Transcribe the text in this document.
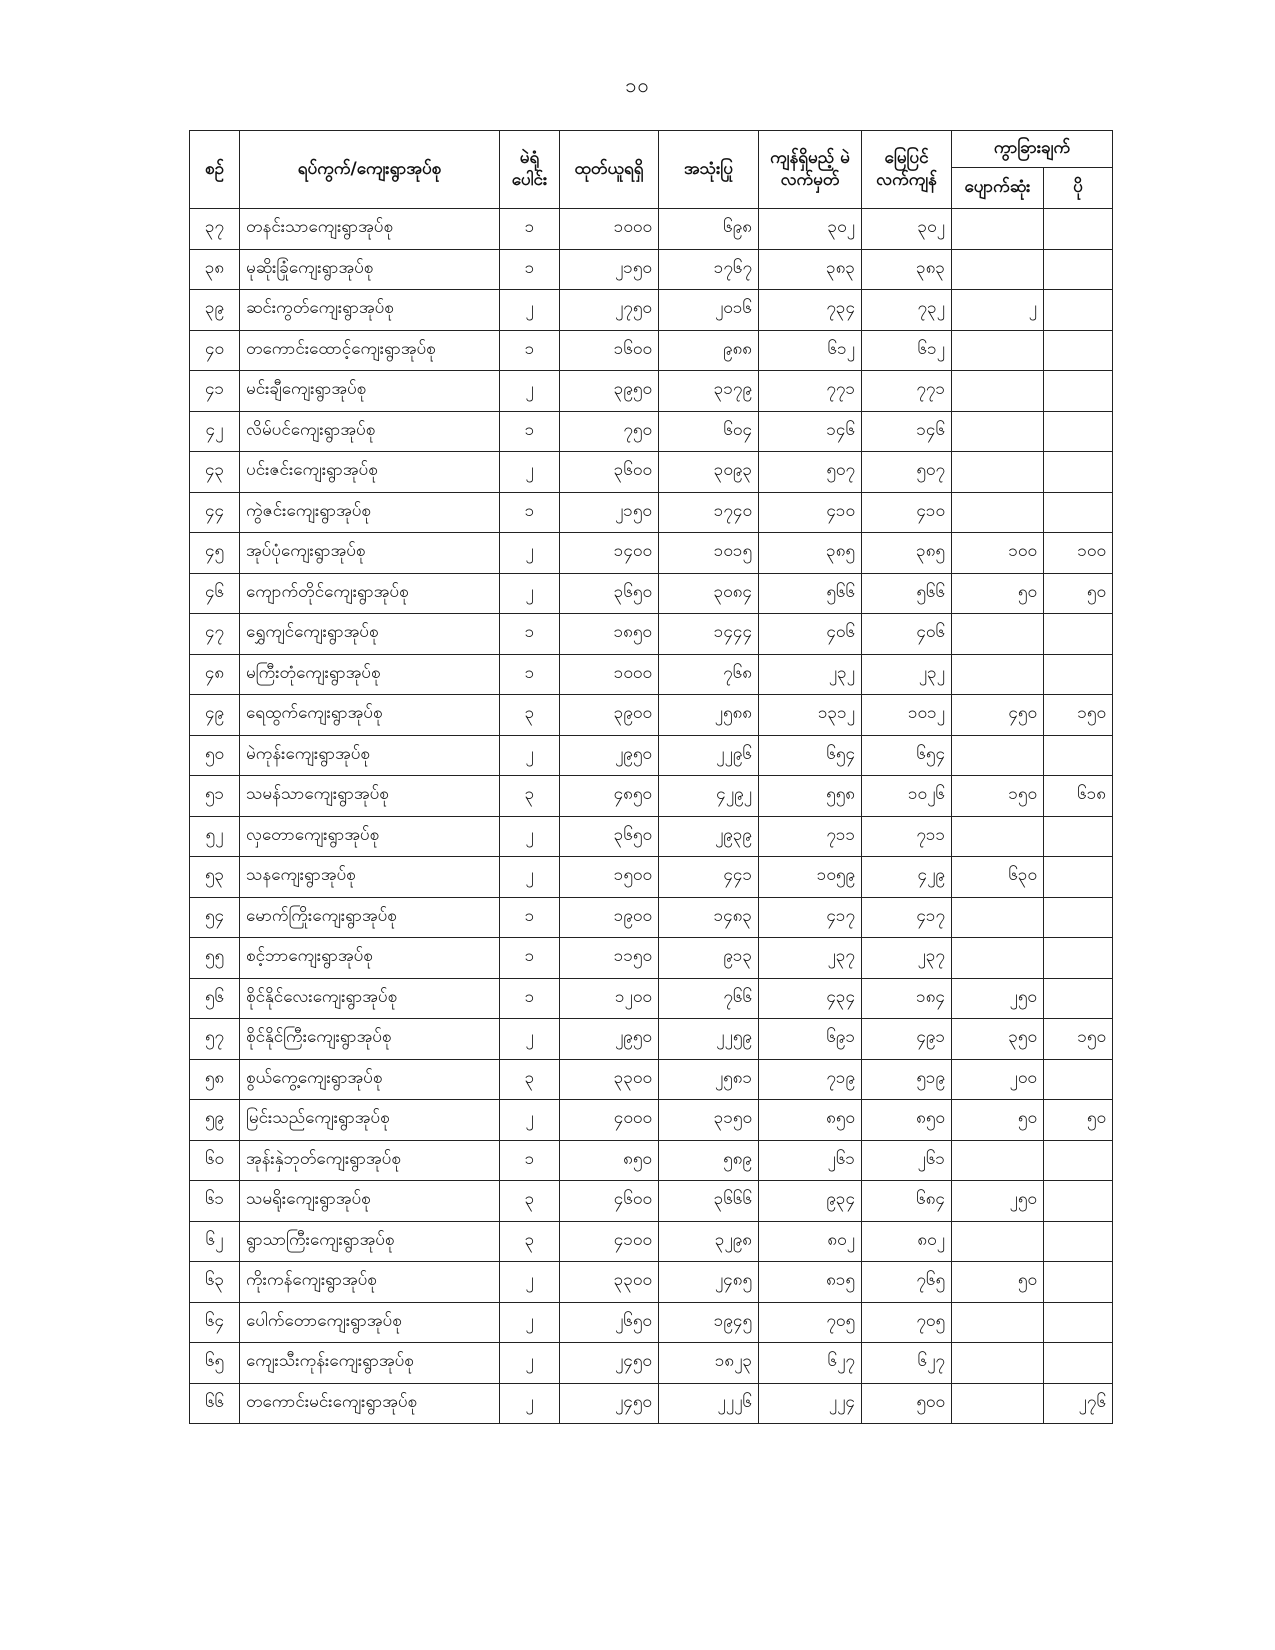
၁၀
စဉ်	ရပ်ကွက်/ကျေးရွာအုပ်စု	မဲရုံ ပေါင်း	ထုတ်ယူရရှိ	အသုံးပြု	ကျန်ရှိမည့် မဲလက်မှတ်	မြေပြင် လက်ကျန်	ကွာခြားချက်	
							ပျောက်ဆုံး	ပို
၃၇	တနင်းသာကျေးရွာအုပ်စု	၁	၁၀၀၀	၆၉၈	၃၀၂	၃၀၂		
၃၈	မုဆိုးခြုံကျေးရွာအုပ်စု	၁	၂၁၅၀	၁၇၆၇	၃၈၃	၃၈၃		
၃၉	ဆင်းကွတ်ကျေးရွာအုပ်စု	၂	၂၇၅၀	၂၀၁၆	၇၃၄	၇၃၂	၂	
၄၀	တကောင်းထောင့်ကျေးရွာအုပ်စု	၁	၁၆၀၀	၉၈၈	၆၁၂	၆၁၂		
၄၁	မင်းချီကျေးရွာအုပ်စု	၂	၃၉၅၀	၃၁၇၉	၇၇၁	၇၇၁		
၄၂	လိမ်ပင်ကျေးရွာအုပ်စု	၁	၇၅၀	၆၀၄	၁၄၆	၁၄၆		
၄၃	ပင်းဇင်းကျေးရွာအုပ်စု	၂	၃၆၀၀	၃၀၉၃	၅၀၇	၅၀၇		
၄၄	ကွဲဇင်းကျေးရွာအုပ်စု	၁	၂၁၅၀	၁၇၄၀	၄၁၀	၄၁၀		
၄၅	အုပ်ပုံကျေးရွာအုပ်စု	၂	၁၄၀၀	၁၀၁၅	၃၈၅	၃၈၅	၁၀၀	၁၀၀
၄၆	ကျောက်တိုင်ကျေးရွာအုပ်စု	၂	၃၆၅၀	၃၀၈၄	၅၆၆	၅၆၆	၅၀	၅၀
၄၇	ရွှေကျင်ကျေးရွာအုပ်စု	၁	၁၈၅၀	၁၄၄၄	၄၀၆	၄၀၆		
၄၈	မကြီးတုံကျေးရွာအုပ်စု	၁	၁၀၀၀	၇၆၈	၂၃၂	၂၃၂		
၄၉	ရေထွက်ကျေးရွာအုပ်စု	၃	၃၉၀၀	၂၅၈၈	၁၃၁၂	၁၀၁၂	၄၅၀	၁၅၀
၅၀	မဲကုန်းကျေးရွာအုပ်စု	၂	၂၉၅၀	၂၂၉၆	၆၅၄	၆၅၄		
၅၁	သမန်သာကျေးရွာအုပ်စု	၃	၄၈၅၀	၄၂၉၂	၅၅၈	၁၀၂၆	၁၅၀	၆၁၈
၅၂	လှတောကျေးရွာအုပ်စု	၂	၃၆၅၀	၂၉၃၉	၇၁၁	၇၁၁		
၅၃	သနကျေးရွာအုပ်စု	၂	၁၅၀၀	၄၄၁	၁၀၅၉	၄၂၉	၆၃၀	
၅၄	မောက်ကြိုးကျေးရွာအုပ်စု	၁	၁၉၀၀	၁၄၈၃	၄၁၇	၄၁၇		
၅၅	စင့်ဘာကျေးရွာအုပ်စု	၁	၁၁၅၀	၉၁၃	၂၃၇	၂၃၇		
၅၆	စိုင်နိုင်လေးကျေးရွာအုပ်စု	၁	၁၂၀၀	၇၆၆	၄၃၄	၁၈၄	၂၅၀	
၅၇	စိုင်နိုင်ကြီးကျေးရွာအုပ်စု	၂	၂၉၅၀	၂၂၅၉	၆၉၁	၄၉၁	၃၅၀	၁၅၀
၅၈	စွယ်ကွေ့ကျေးရွာအုပ်စု	၃	၃၃၀၀	၂၅၈၁	၇၁၉	၅၁၉	၂၀၀	
၅၉	မြင်းသည်ကျေးရွာအုပ်စု	၂	၄၀၀၀	၃၁၅၀	၈၅၀	၈၅၀	၅၀	၅၀
၆၀	အုန်းနှဲဘုတ်ကျေးရွာအုပ်စု	၁	၈၅၀	၅၈၉	၂၆၁	၂၆၁		
၆၁	သမရိုးကျေးရွာအုပ်စု	၃	၄၆၀၀	၃၆၆၆	၉၃၄	၆၈၄	၂၅၀	
၆၂	ရွာသာကြီးကျေးရွာအုပ်စု	၃	၄၁၀၀	၃၂၉၈	၈၀၂	၈၀၂		
၆၃	ကိုးကန်ကျေးရွာအုပ်စု	၂	၃၃၀၀	၂၄၈၅	၈၁၅	၇၆၅	၅၀	
၆၄	ပေါက်တောကျေးရွာအုပ်စု	၂	၂၆၅၀	၁၉၄၅	၇၀၅	၇၀၅		
၆၅	ကျေးသီးကုန်းကျေးရွာအုပ်စု	၂	၂၄၅၀	၁၈၂၃	၆၂၇	၆၂၇		
၆၆	တကောင်းမင်းကျေးရွာအုပ်စု	၂	၂၄၅၀	၂၂၂၆	၂၂၄	၅၀၀		၂၇၆
